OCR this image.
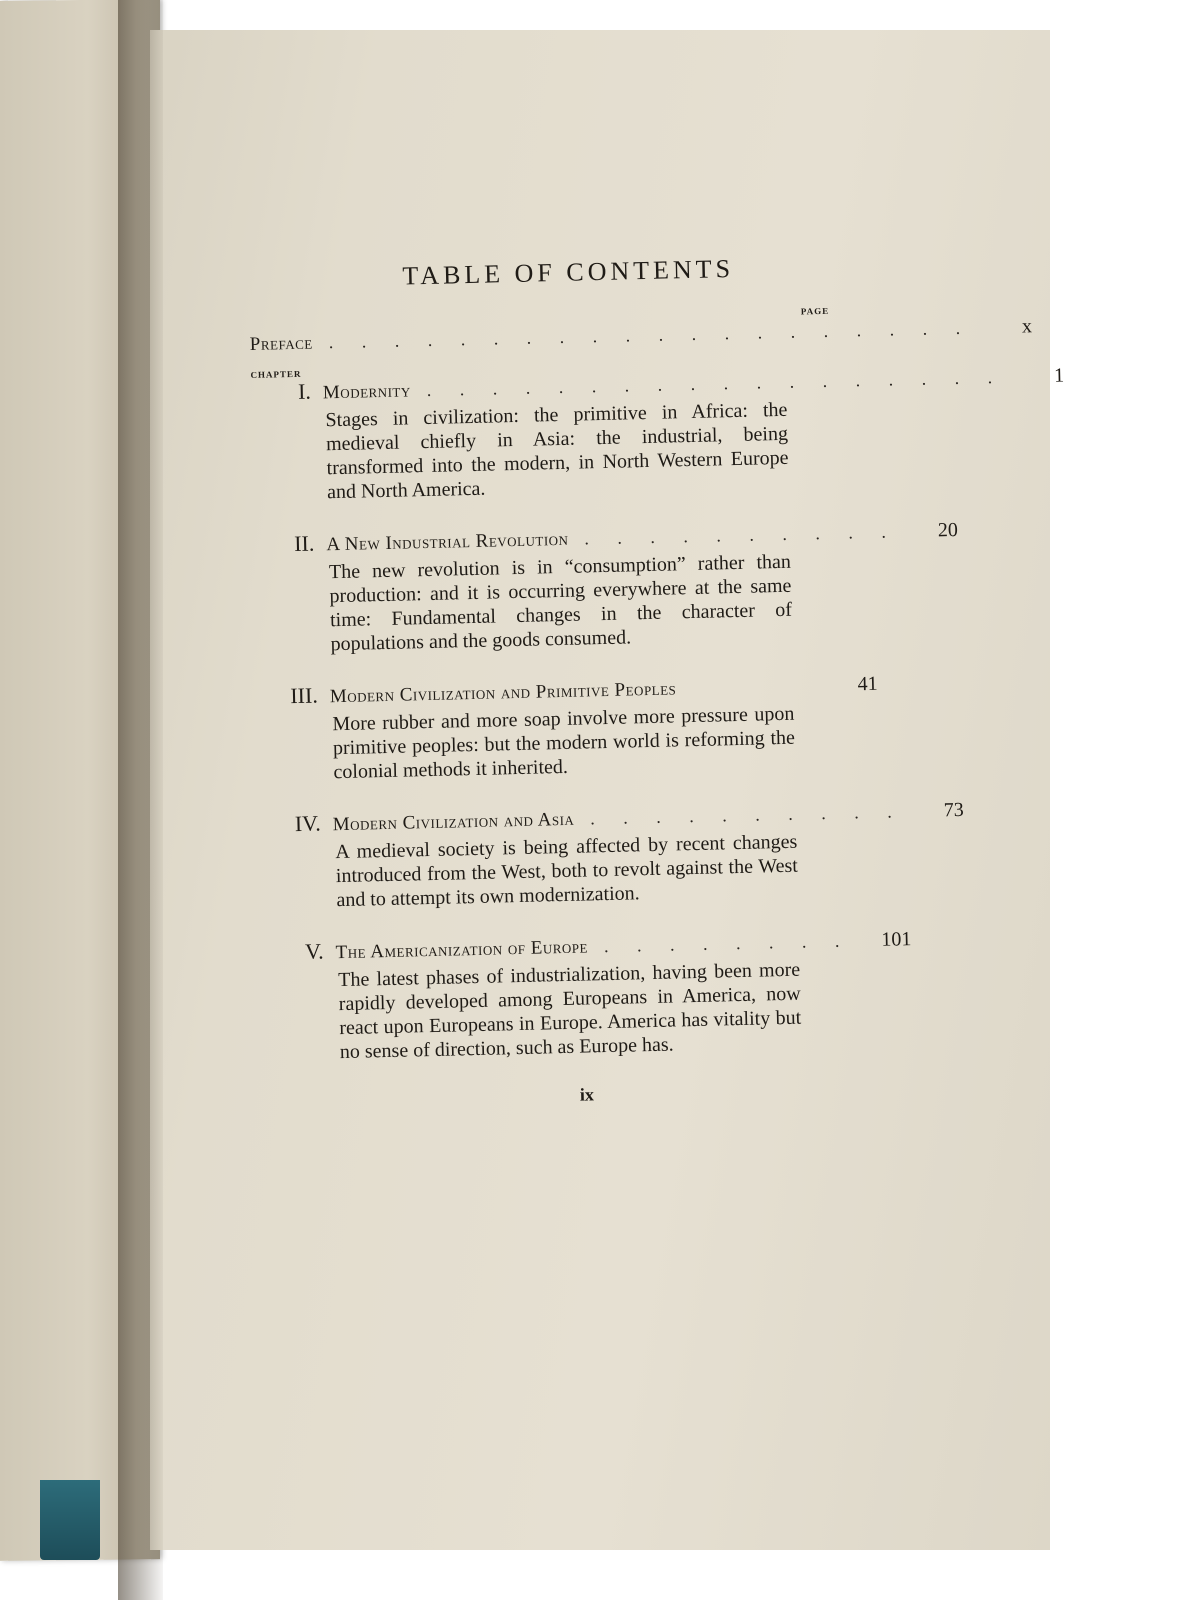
TABLE OF CONTENTS
PAGE
Preface . . . . . . . . . . . . . . . . . . . .	x
CHAPTER
I. Modernity . . . . . . . . . . . . . . . . . .	1
Stages in civilization: the primitive in Africa: the medieval chiefly in Asia: the industrial, being transformed into the modern, in North Western Europe and North America.
II. A New Industrial Revolution . . . . . . . . . .	20
The new revolution is in “consumption” rather than production: and it is occurring everywhere at the same time: Fundamental changes in the character of populations and the goods consumed.
III. Modern Civilization and Primitive Peoples	41
More rubber and more soap involve more pressure upon primitive peoples: but the modern world is reforming the colonial methods it inherited.
IV. Modern Civilization and Asia . . . . . . . . . .	73
A medieval society is being affected by recent changes introduced from the West, both to revolt against the West and to attempt its own modernization.
V. The Americanization of Europe . . . . . . . .	101
The latest phases of industrialization, having been more rapidly developed among Europeans in America, now react upon Europeans in Europe. America has vitality but no sense of direction, such as Europe has.
ix
